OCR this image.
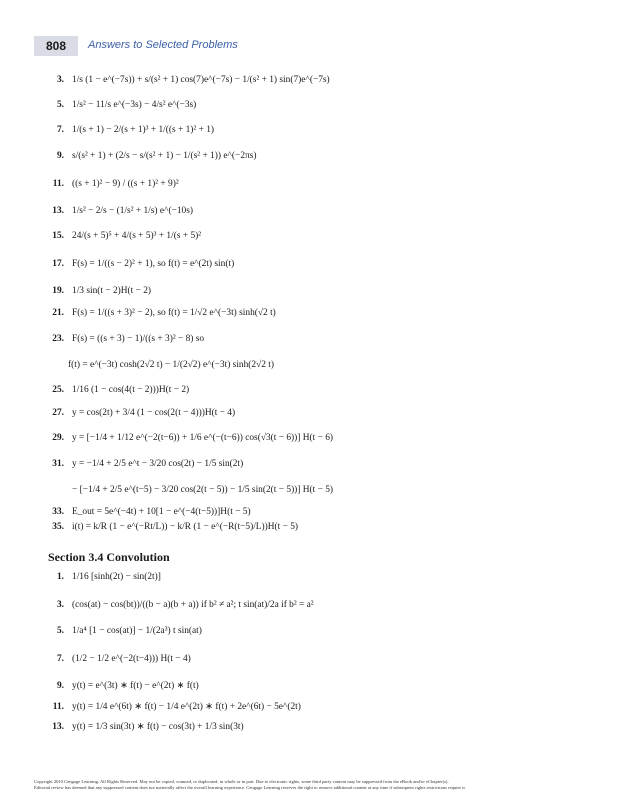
808	Answers to Selected Problems
3. 1/s (1 − e^(−7s)) + s/(s² + 1) cos(7)e^(−7s) − 1/(s² + 1) sin(7)e^(−7s)
5. 1/s² − 11/s e^(−3s) − 4/s² e^(−3s)
7. 1/(s + 1) − 2/(s + 1)³ + 1/((s + 1)² + 1)
9. s/(s² + 1) + (2/s − s/(s² + 1) − 1/(s² + 1)) e^(−2πs)
11. ((s + 1)² − 9) / ((s + 1)² + 9)²
13. 1/s² − 2/s − (1/s² + 1/s) e^(−10s)
15. 24/(s + 5)⁵ + 4/(s + 5)³ + 1/(s + 5)²
17. F(s) = 1/((s − 2)² + 1), so f(t) = e^(2t) sin(t)
19. 1/3 sin(t − 2)H(t − 2)
21. F(s) = 1/((s + 3)² − 2), so f(t) = 1/√2 e^(−3t) sinh(√2 t)
23. F(s) = ((s + 3) − 1)/((s + 3)² − 8) so
f(t) = e^(−3t) cosh(2√2 t) − 1/(2√2) e^(−3t) sinh(2√2 t)
25. 1/16 (1 − cos(4(t − 2)))H(t − 2)
27. y = cos(2t) + 3/4 (1 − cos(2(t − 4)))H(t − 4)
29. y = [−1/4 + 1/12 e^(−2(t−6)) + 1/6 e^(−(t−6)) cos(√3(t − 6))] H(t − 6)
31. y = −1/4 + 2/5 e^t − 3/20 cos(2t) − 1/5 sin(2t)
− [−1/4 + 2/5 e^(t−5) − 3/20 cos(2(t − 5)) − 1/5 sin(2(t − 5))] H(t − 5)
33. E_out = 5e^(−4t) + 10[1 − e^(−4(t−5))]H(t − 5)
35. i(t) = k/R (1 − e^(−Rt/L)) − k/R (1 − e^(−R(t−5)/L))H(t − 5)
Section 3.4 Convolution
1. 1/16 [sinh(2t) − sin(2t)]
3. (cos(at) − cos(bt))/((b − a)(b + a)) if b² ≠ a²; t sin(at)/2a if b² = a²
5. 1/a⁴ [1 − cos(at)] − 1/(2a³) t sin(at)
7. (1/2 − 1/2 e^(−2(t−4))) H(t − 4)
9. y(t) = e^(3t) ∗ f(t) − e^(2t) ∗ f(t)
11. y(t) = 1/4 e^(6t) ∗ f(t) − 1/4 e^(2t) ∗ f(t) + 2e^(6t) − 5e^(2t)
13. y(t) = 1/3 sin(3t) ∗ f(t) − cos(3t) + 1/3 sin(3t)
Copyright 2010 Cengage Learning. All Rights Reserved. May not be copied, scanned, or duplicated, in whole or in part. Due to electronic rights, some third party content may be suppressed from the eBook and/or eChapter(s).
Editorial review has deemed that any suppressed content does not materially affect the overall learning experience. Cengage Learning reserves the right to remove additional content at any time if subsequent rights restrictions require it.
